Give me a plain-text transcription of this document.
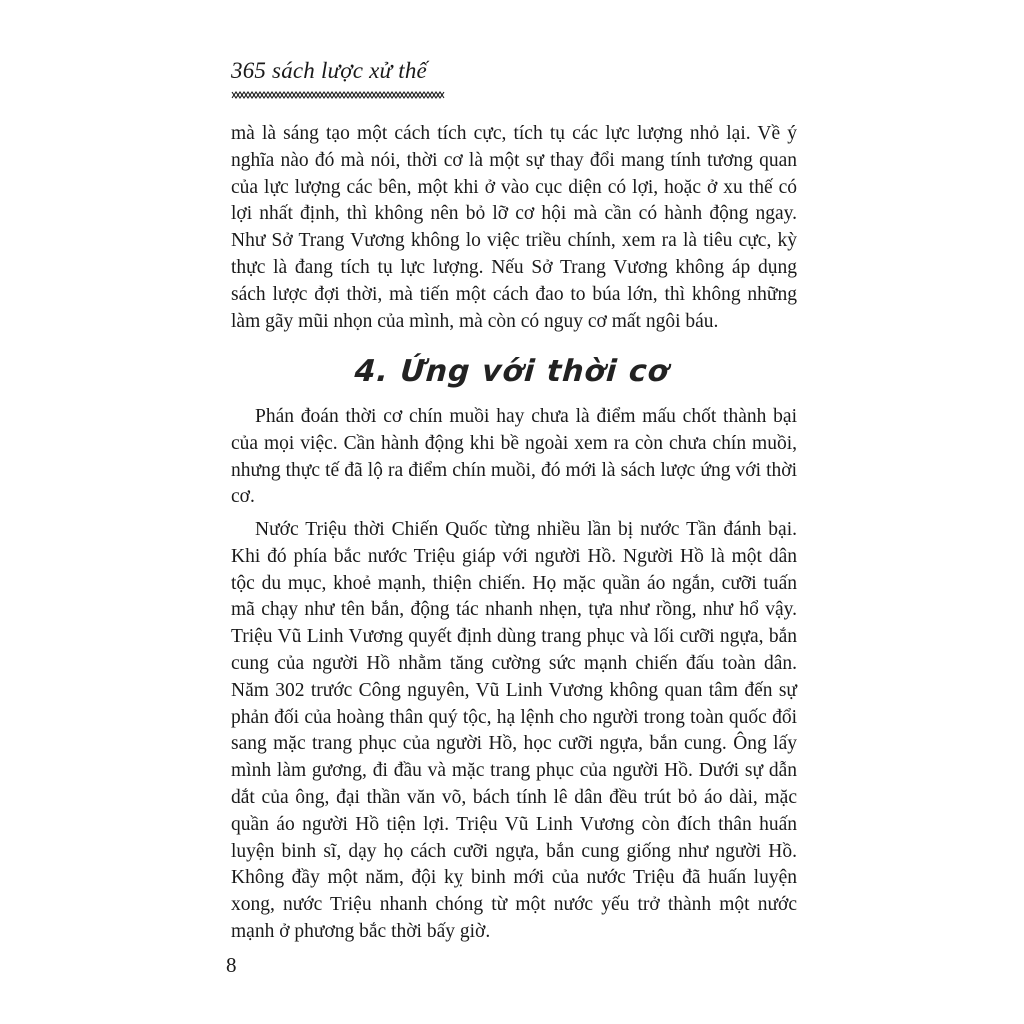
365 sách lược xử thế

mà là sáng tạo một cách tích cực, tích tụ các lực lượng nhỏ lại. Về ý nghĩa nào đó mà nói, thời cơ là một sự thay đổi mang tính tương quan của lực lượng các bên, một khi ở vào cục diện có lợi, hoặc ở xu thế có lợi nhất định, thì không nên bỏ lỡ cơ hội mà cần có hành động ngay. Như Sở Trang Vương không lo việc triều chính, xem ra là tiêu cực, kỳ thực là đang tích tụ lực lượng. Nếu Sở Trang Vương không áp dụng sách lược đợi thời, mà tiến một cách đao to búa lớn, thì không những làm gãy mũi nhọn của mình, mà còn có nguy cơ mất ngôi báu.

4. Ứng với thời cơ

Phán đoán thời cơ chín muồi hay chưa là điểm mấu chốt thành bại của mọi việc. Cần hành động khi bề ngoài xem ra còn chưa chín muồi, nhưng thực tế đã lộ ra điểm chín muồi, đó mới là sách lược ứng với thời cơ.

Nước Triệu thời Chiến Quốc từng nhiều lần bị nước Tần đánh bại. Khi đó phía bắc nước Triệu giáp với người Hồ. Người Hồ là một dân tộc du mục, khoẻ mạnh, thiện chiến. Họ mặc quần áo ngắn, cưỡi tuấn mã chạy như tên bắn, động tác nhanh nhẹn, tựa như rồng, như hổ vậy. Triệu Vũ Linh Vương quyết định dùng trang phục và lối cưỡi ngựa, bắn cung của người Hồ nhằm tăng cường sức mạnh chiến đấu toàn dân. Năm 302 trước Công nguyên, Vũ Linh Vương không quan tâm đến sự phản đối của hoàng thân quý tộc, hạ lệnh cho người trong toàn quốc đổi sang mặc trang phục của người Hồ, học cưỡi ngựa, bắn cung. Ông lấy mình làm gương, đi đầu và mặc trang phục của người Hồ. Dưới sự dẫn dắt của ông, đại thần văn võ, bách tính lê dân đều trút bỏ áo dài, mặc quần áo người Hồ tiện lợi. Triệu Vũ Linh Vương còn đích thân huấn luyện binh sĩ, dạy họ cách cưỡi ngựa, bắn cung giống như người Hồ. Không đầy một năm, đội kỵ binh mới của nước Triệu đã huấn luyện xong, nước Triệu nhanh chóng từ một nước yếu trở thành một nước mạnh ở phương bắc thời bấy giờ.

8
